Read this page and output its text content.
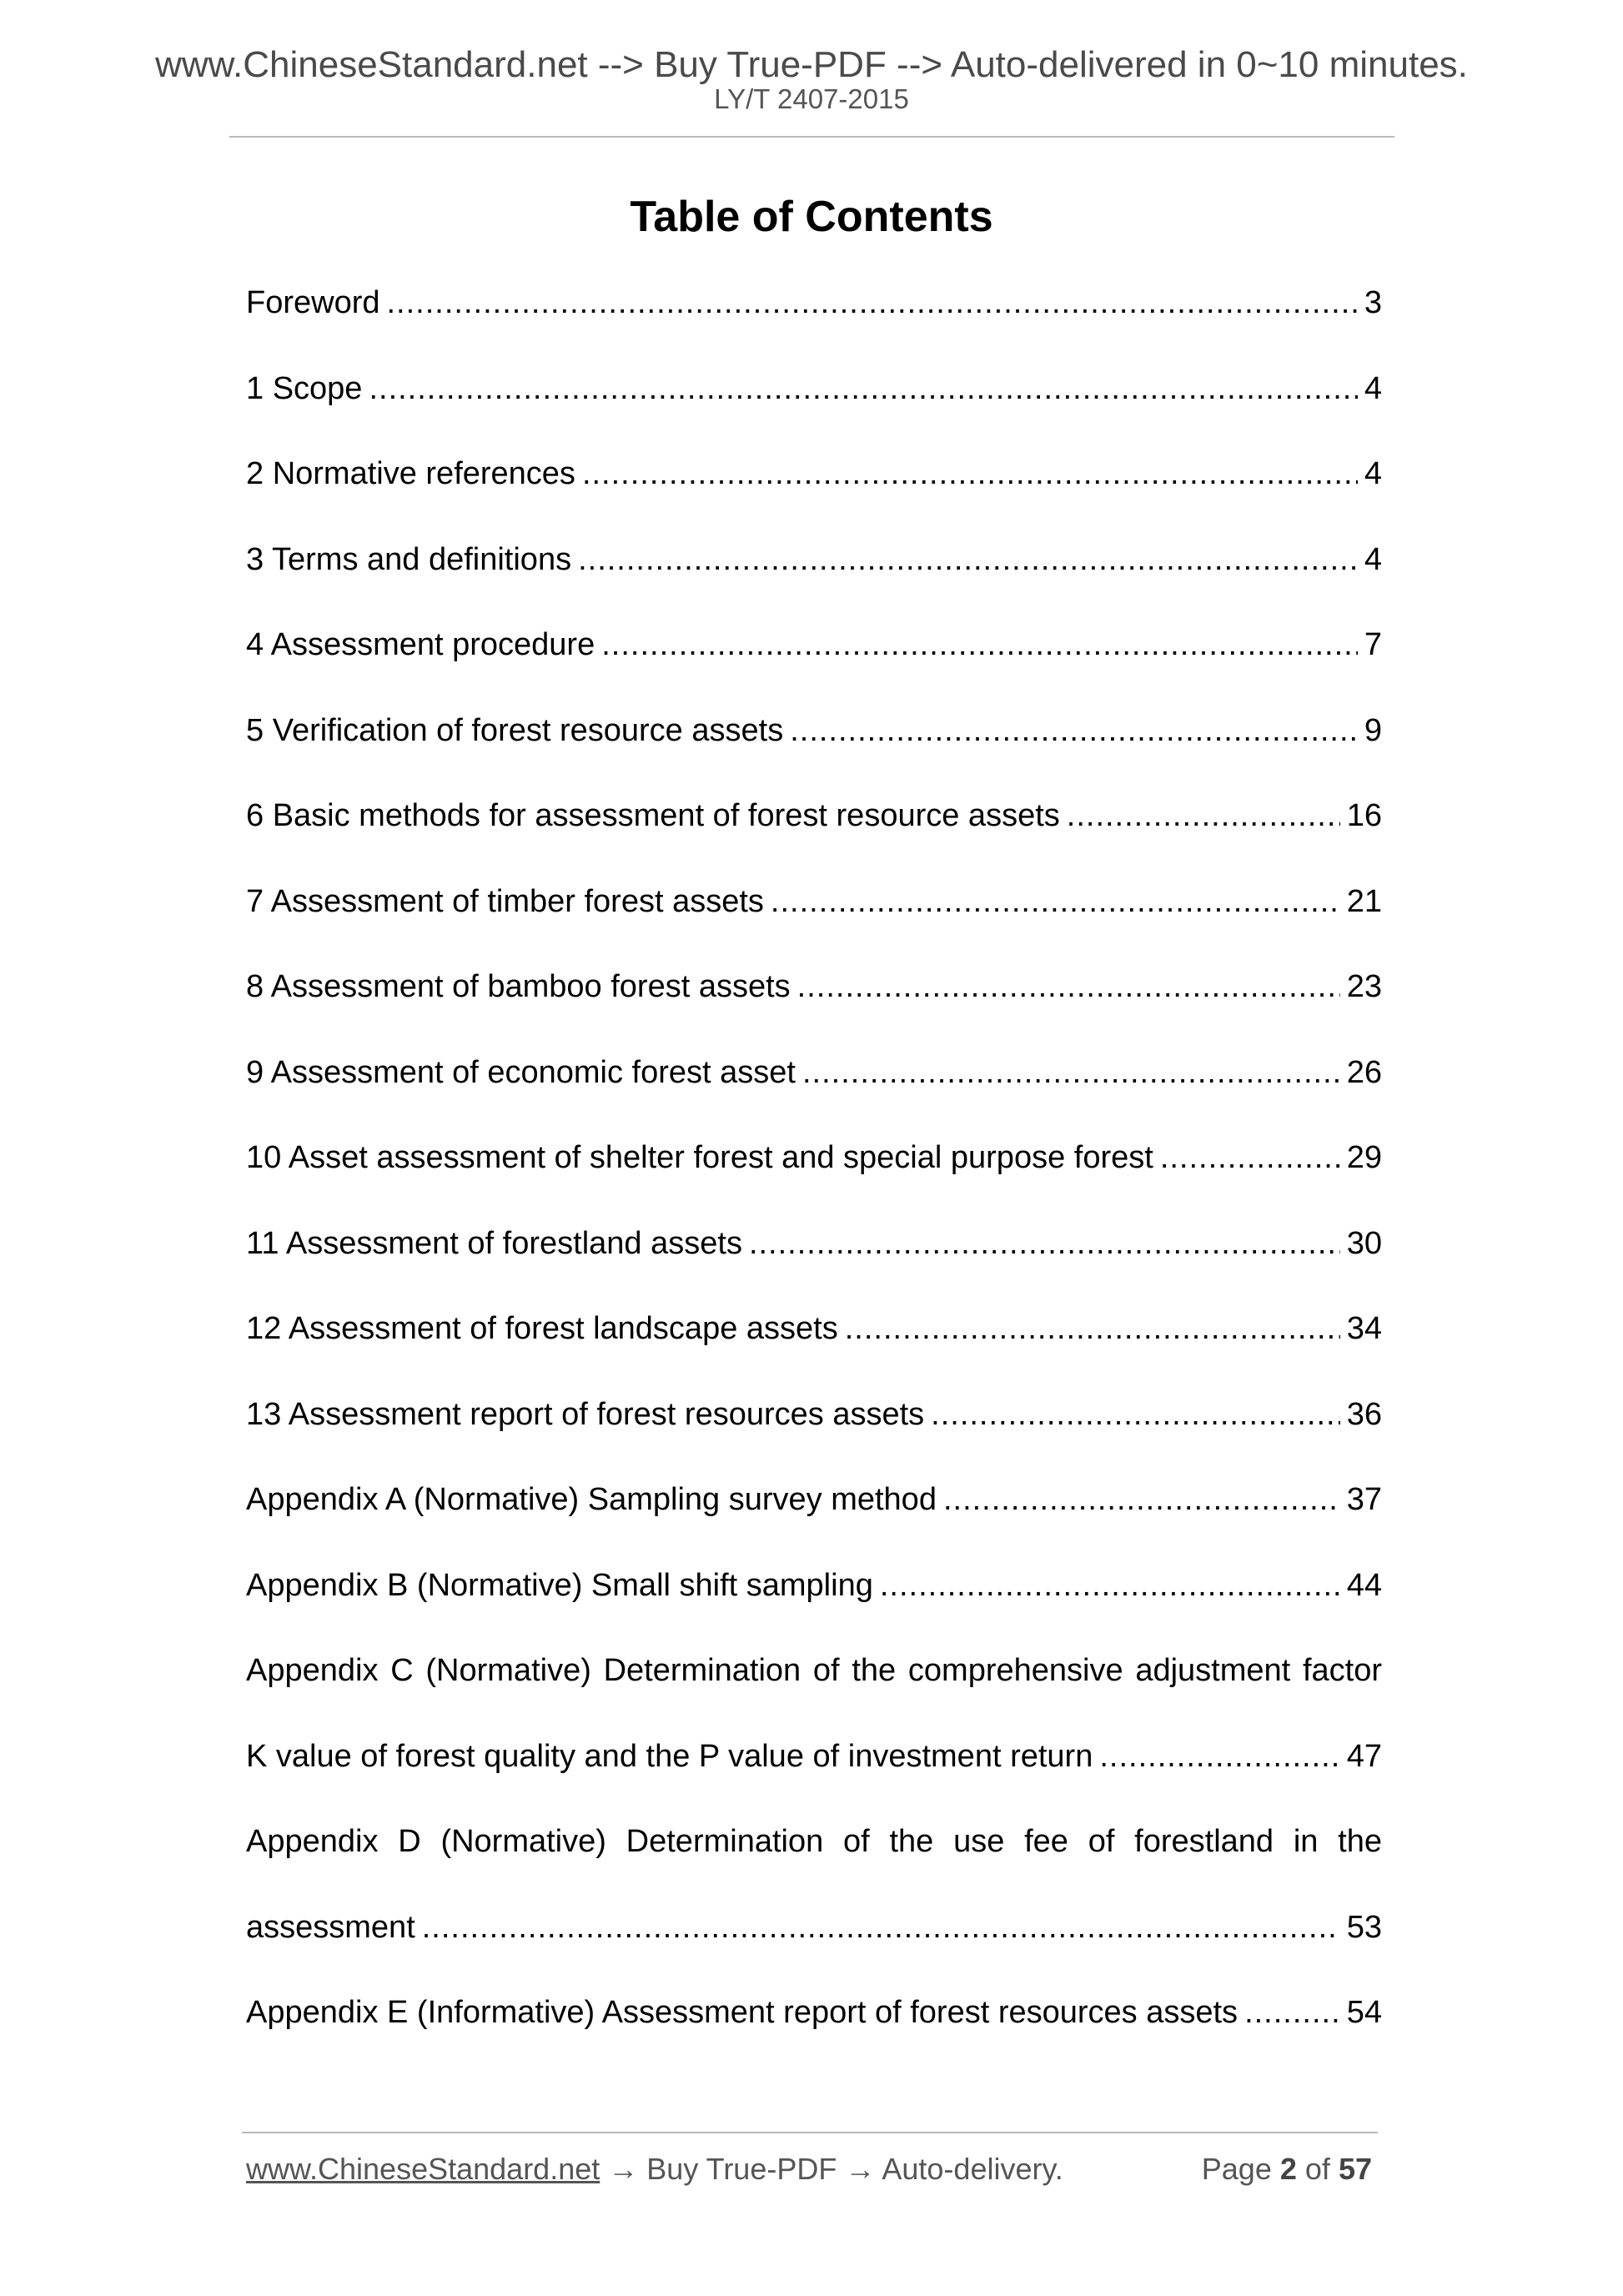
www.ChineseStandard.net --> Buy True-PDF --> Auto-delivered in 0~10 minutes.
LY/T 2407-2015
Table of Contents
Foreword .....	3
1 Scope .....	4
2 Normative references .....	4
3 Terms and definitions .....	4
4 Assessment procedure .....	7
5 Verification of forest resource assets .....	9
6 Basic methods for assessment of forest resource assets .....	16
7 Assessment of timber forest assets .....	21
8 Assessment of bamboo forest assets .....	23
9 Assessment of economic forest asset .....	26
10 Asset assessment of shelter forest and special purpose forest .....	29
11 Assessment of forestland assets .....	30
12 Assessment of forest landscape assets .....	34
13 Assessment report of forest resources assets .....	36
Appendix A (Normative) Sampling survey method .....	37
Appendix B (Normative) Small shift sampling .....	44
Appendix C (Normative) Determination of the comprehensive adjustment factor
K value of forest quality and the P value of investment return .....	47
Appendix D (Normative) Determination of the use fee of forestland in the
assessment .....	53
Appendix E (Informative) Assessment report of forest resources assets .....	54
www.ChineseStandard.net → Buy True-PDF → Auto-delivery.	Page 2 of 57
